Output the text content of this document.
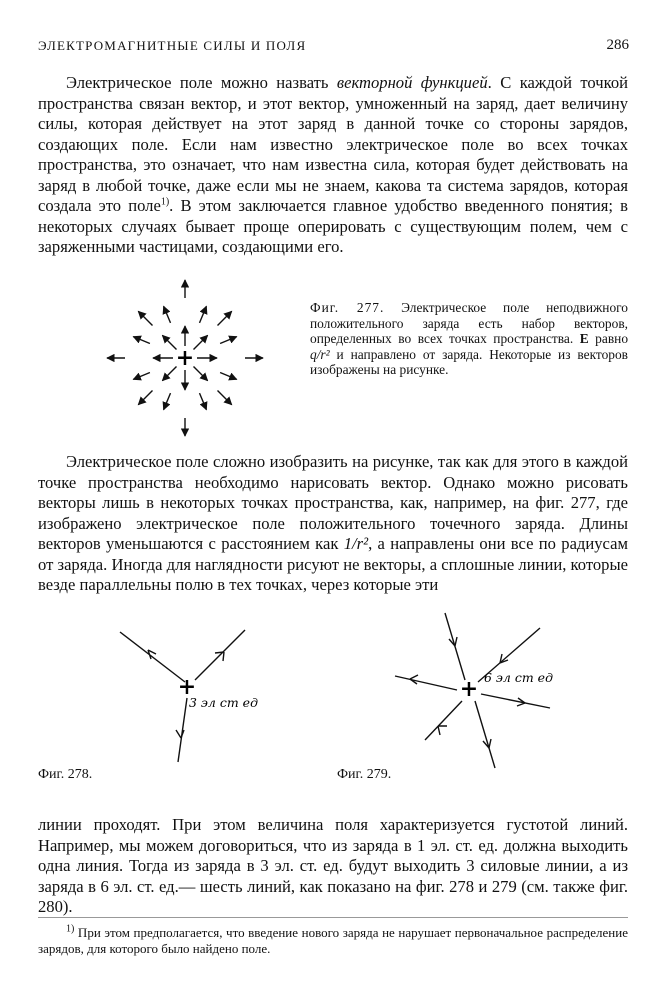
ЭЛЕКТРОМАГНИТНЫЕ СИЛЫ И ПОЛЯ	286

Электрическое поле можно назвать векторной функцией. С каждой точкой пространства связан вектор, и этот вектор, умноженный на заряд, дает величину силы, которая действует на этот заряд в данной точке со стороны зарядов, создающих поле. Если нам известно электрическое поле во всех точках пространства, это означает, что нам известна сила, которая будет действовать на заряд в любой точке, даже если мы не знаем, какова та система зарядов, которая создала это поле$^{1)}$. В этом заключается главное удобство введенного понятия; в некоторых случаях бывает проще оперировать с существующим полем, чем с заряженными частицами, создающими его.

+

Фиг. 277. Электрическое поле неподвижного положительного заряда есть набор векторов, определенных во всех точках пространства. E равно q/r² и направлено от заряда. Некоторые из векторов изображены на рисунке.

Электрическое поле сложно изобразить на рисунке, так как для этого в каждой точке пространства необходимо нарисовать вектор. Однако можно рисовать векторы лишь в некоторых точках пространства, как, например, на фиг. 277, где изображено электрическое поле положительного точечного заряда. Длины векторов уменьшаются с расстоянием как 1/r², а направлены они все по радиусам от заряда. Иногда для наглядности рисуют не векторы, а сплошные линии, которые везде параллельны полю в тех точках, через которые эти

+
3 эл ст ед
+ 6 эл ст ед
Фиг. 278.	Фиг. 279.

линии проходят. При этом величина поля характеризуется густотой линий. Например, мы можем договориться, что из заряда в 1 эл. ст. ед. должна выходить одна линия. Тогда из заряда в 3 эл. ст. ед. будут выходить 3 силовые линии, а из заряда в 6 эл. ст. ед.— шесть линий, как показано на фиг. 278 и 279 (см. также фиг. 280).

$^{1)}$ При этом предполагается, что введение нового заряда не нарушает первоначальное распределение зарядов, для которого было найдено поле.
